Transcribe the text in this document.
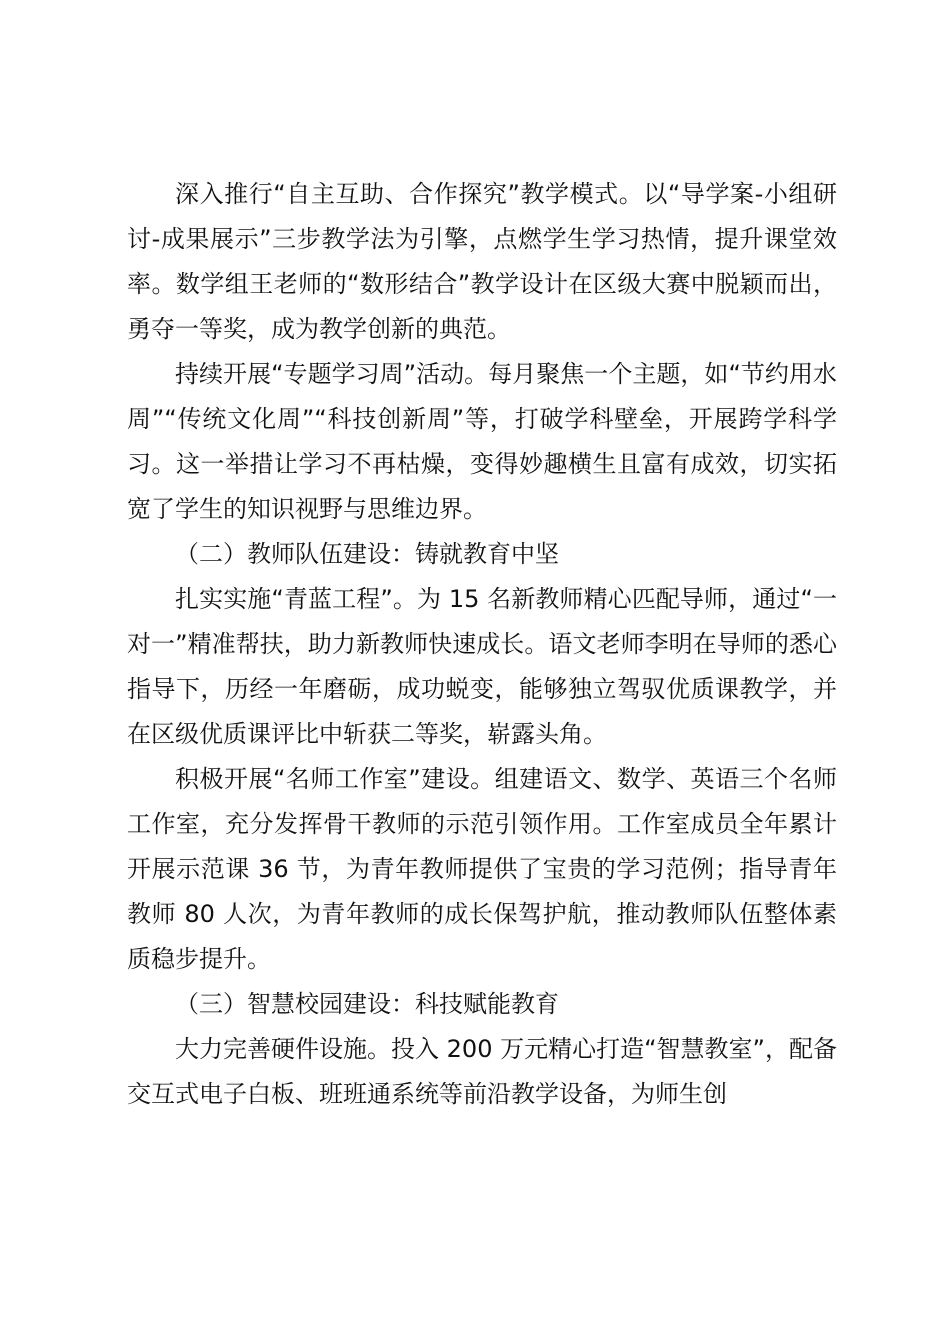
深入推行“自主互助、合作探究”教学模式。以“导学案-小组研讨-成果展示”三步教学法为引擎，点燃学生学习热情，提升课堂效率。数学组王老师的“数形结合”教学设计在区级大赛中脱颖而出，勇夺一等奖，成为教学创新的典范。

持续开展“专题学习周”活动。每月聚焦一个主题，如“节约用水周”“传统文化周”“科技创新周”等，打破学科壁垒，开展跨学科学习。这一举措让学习不再枯燥，变得妙趣横生且富有成效，切实拓宽了学生的知识视野与思维边界。

（二）教师队伍建设：铸就教育中坚

扎实实施“青蓝工程”。为 15 名新教师精心匹配导师，通过“一对一”精准帮扶，助力新教师快速成长。语文老师李明在导师的悉心指导下，历经一年磨砺，成功蜕变，能够独立驾驭优质课教学，并在区级优质课评比中斩获二等奖，崭露头角。

积极开展“名师工作室”建设。组建语文、数学、英语三个名师工作室，充分发挥骨干教师的示范引领作用。工作室成员全年累计开展示范课 36 节，为青年教师提供了宝贵的学习范例；指导青年教师 80 人次，为青年教师的成长保驾护航，推动教师队伍整体素质稳步提升。

（三）智慧校园建设：科技赋能教育

大力完善硬件设施。投入 200 万元精心打造“智慧教室”，配备交互式电子白板、班班通系统等前沿教学设备，为师生创
